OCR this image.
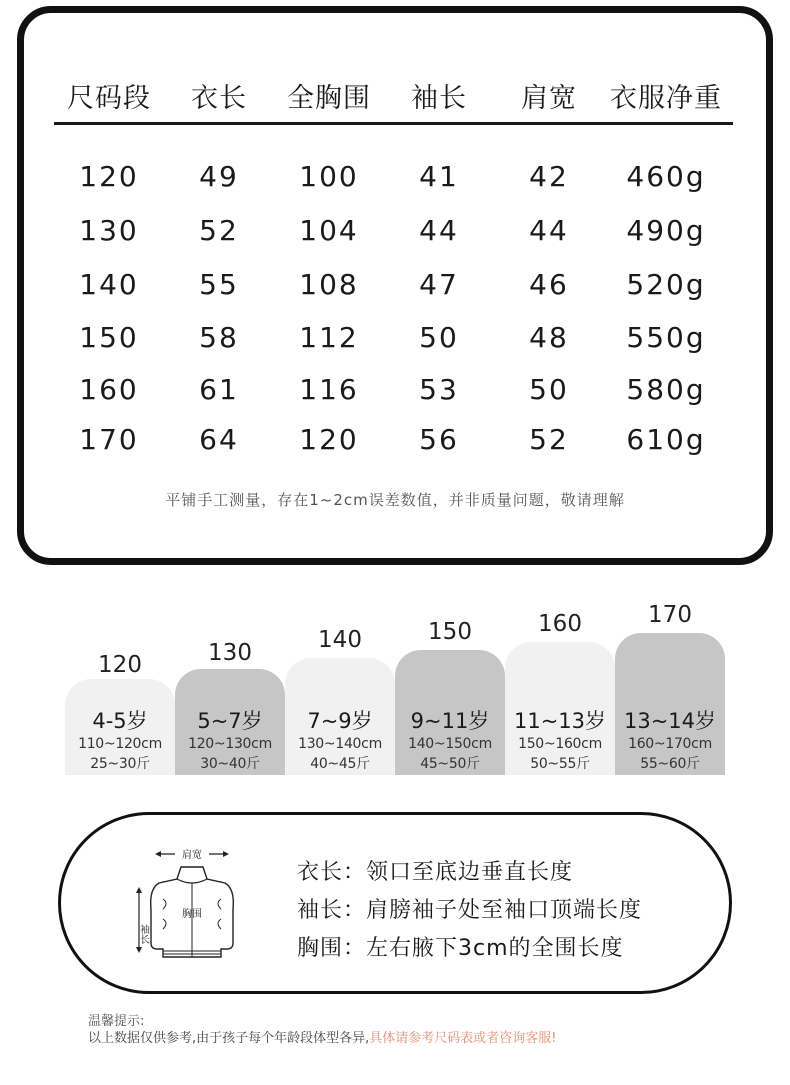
尺码段	衣长	全胸围	袖长	肩宽	衣服净重
120	49	100	41	42	460g
130	52	104	44	44	490g
140	55	108	47	46	520g
150	58	112	50	48	550g
160	61	116	53	50	580g
170	64	120	56	52	610g
平铺手工测量，存在1~2cm误差数值，并非质量问题，敬请理解
120	130	140	150	160	170
4-5岁
110~120cm
25~30斤
5~7岁
120~130cm
30~40斤
7~9岁
130~140cm
40~45斤
9~11岁
140~150cm
45~50斤
11~13岁
150~160cm
50~55斤
13~14岁
160~170cm
55~60斤
肩宽
胸围
袖长
衣长：领口至底边垂直长度
袖长：肩膀袖子处至袖口顶端长度
胸围：左右腋下3cm的全围长度
温馨提示:
以上数据仅供参考,由于孩子每个年龄段体型各异,具体请参考尺码表或者咨询客服!
